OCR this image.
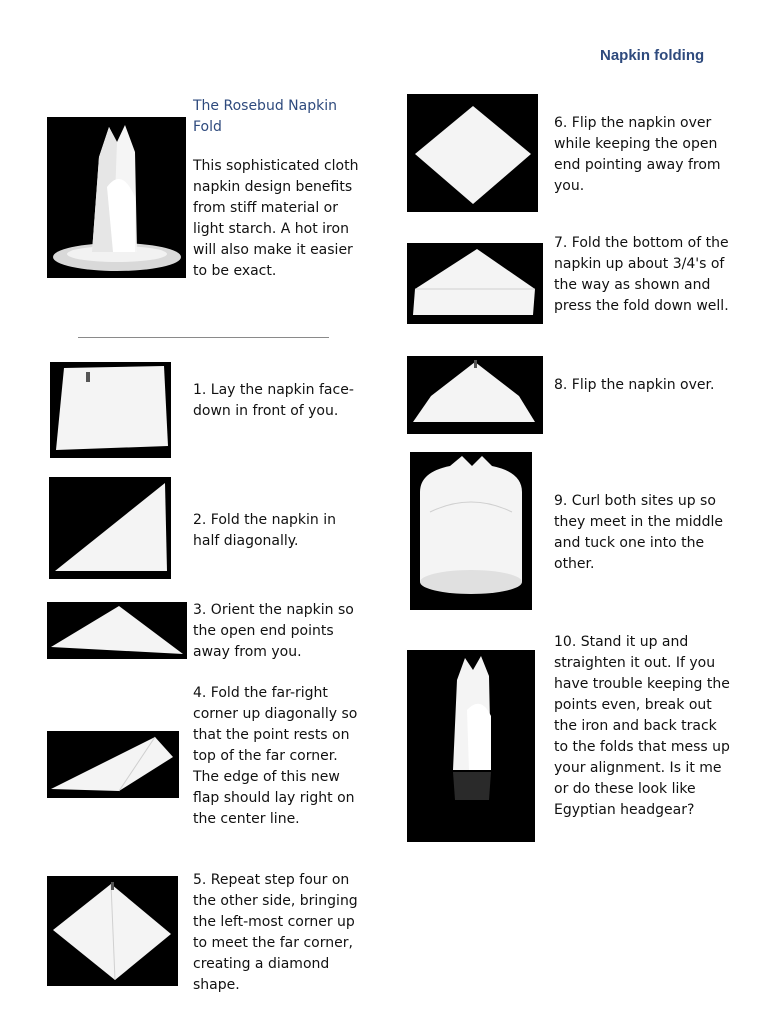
Napkin folding
The Rosebud Napkin Fold
This sophisticated cloth napkin design benefits from stiff material or light starch. A hot iron will also make it easier to be exact.
1. Lay the napkin face-down in front of you.
2. Fold the napkin in half diagonally.
3. Orient the napkin so the open end points away from you.
4. Fold the far-right corner up diagonally so that the point rests on top of the far corner. The edge of this new flap should lay right on the center line.
5. Repeat step four on the other side, bringing the left-most corner up to meet the far corner, creating a diamond shape.
6. Flip the napkin over while keeping the open end pointing away from you.
7. Fold the bottom of the napkin up about 3/4's of the way as shown and press the fold down well.
8. Flip the napkin over.
9. Curl both sites up so they meet in the middle and tuck one into the other.
10. Stand it up and straighten it out. If you have trouble keeping the points even, break out the iron and back track to the folds that mess up your alignment. Is it me or do these look like Egyptian headgear?
